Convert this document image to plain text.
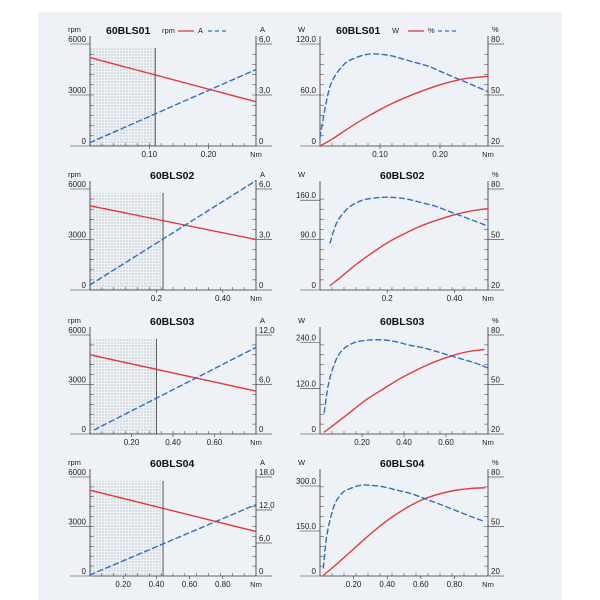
0
3000
6000
0
3,0
6,0
0.10	0.20
rpm	A
Nm
60BLS01 rpm	A
0
60.0
120.0
20
50
80
0.10	0.20
W	%
Nm
60BLS01 W	%
0
3000
6000
0
3,0
6,0
0.2	0.40
rpm	A
Nm
60BLS02
0
90.0
160.0
20
50
80
0.2	0.40
W	%
Nm
60BLS02
0
3000
6000
0
6,0
12,0
0.20	0.40	0.60
rpm	A
Nm
60BLS03
0
120.0
240.0
20
50
80
0.20	0.40	0.60
W	%
Nm
60BLS03
0
3000
6000
0
6,0
12,0
18,0
0.20 0.40 0.60 0.80
rpm	A
Nm
60BLS04
0
150.0
300.0
20
50
80
0.20 0.40 0.60 0.80
W	%
Nm
60BLS04
